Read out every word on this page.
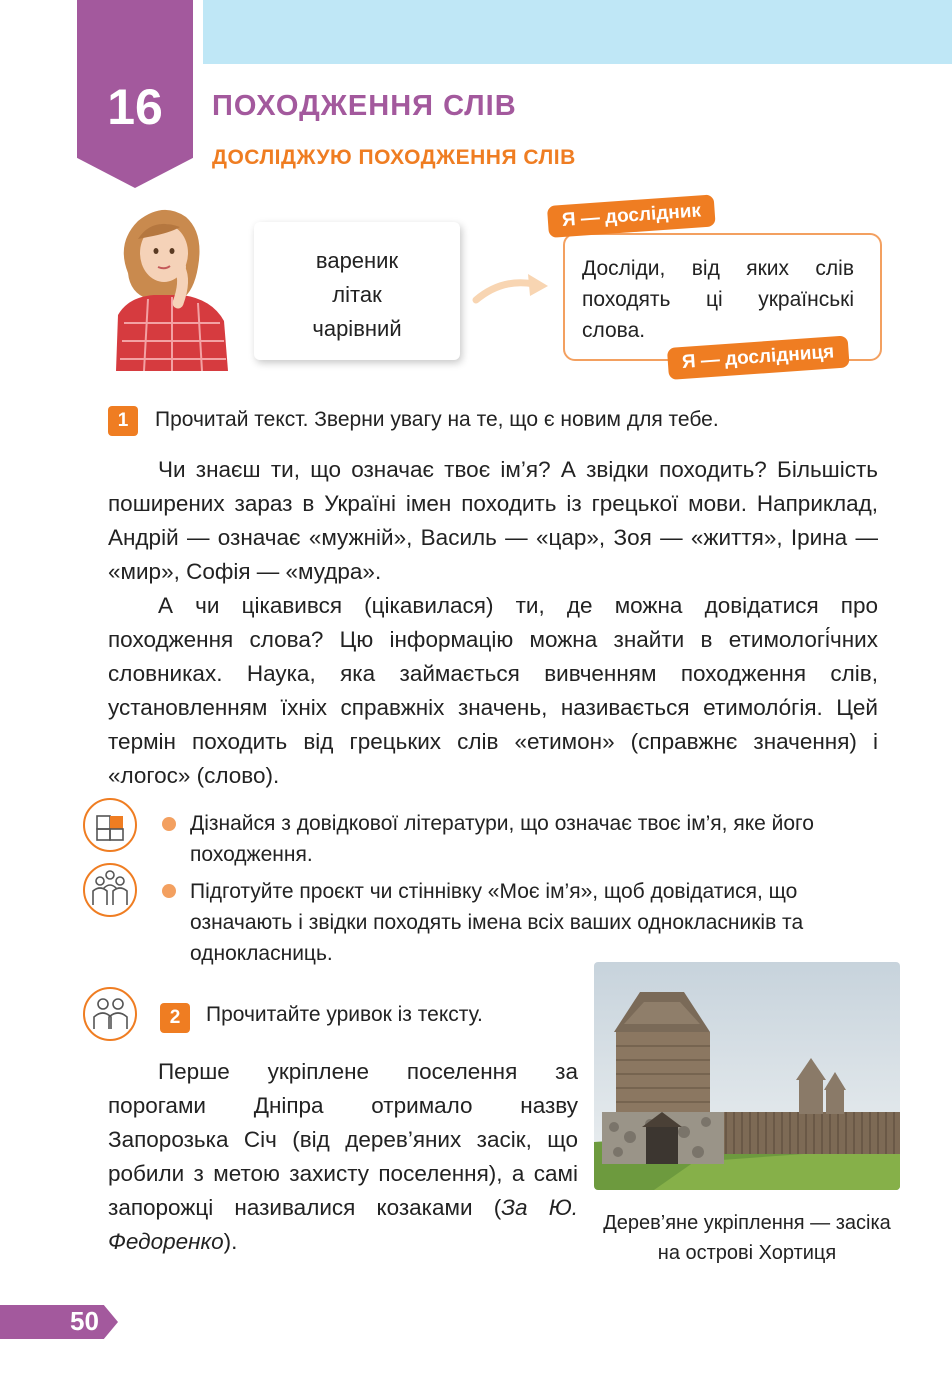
16	ПОХОДЖЕННЯ СЛІВ
ДОСЛІДЖУЮ ПОХОДЖЕННЯ СЛІВ
вареник
літак
чарівний
Досліди, від яких слів походять ці українські слова.
Я — дослідник
Я — дослідниця
1	Прочитай текст. Зверни увагу на те, що є новим для тебе.

Чи знаєш ти, що означає твоє ім’я? А звідки походить? Більшість поширених зараз в Україні імен походить із грецької мови. Наприклад, Андрій — означає «мужній», Василь — «цар», Зоя — «життя», Ірина — «мир», Софія — «мудра».

А чи цікавився (цікавилася) ти, де можна довідатися про походження слова? Цю інформацію можна знайти в етимологі́чних словниках. Наука, яка займається вивченням походження слів, установленням їхніх справжніх значень, називається етимоло́гія. Цей термін походить від грецьких слів «етимон» (справжнє значення) і «логос» (слово).

Дізнайся з довідкової літератури, що означає твоє ім’я, яке його походження.
Підготуйте проєкт чи стіннівку «Моє ім’я», щоб довідатися, що означають і звідки походять імена всіх ваших однокласників та однокласниць.
2	Прочитайте уривок із тексту.

Перше укріплене поселення за порогами Дніпра отримало назву Запорозька Січ (від дерев’яних засік, що робили з метою захисту поселення), а самі запорожці називалися козаками (За Ю. Федоренко).

Дерев’яне укріплення — засіка на острові Хортиця
50
